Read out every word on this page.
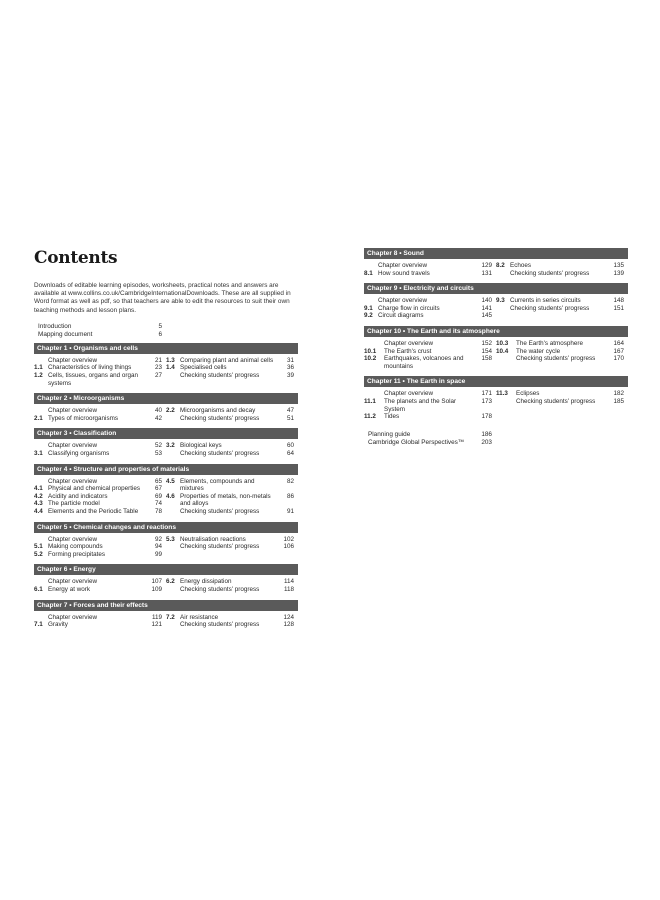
Contents

Downloads of editable learning episodes, worksheets, practical notes and answers are available at www.collins.co.uk/CambridgeInternationalDownloads. These are all supplied in Word format as well as pdf, so that teachers are able to edit the resources to suit their own teaching methods and lesson plans.

Introduction	5
Mapping document	6
Chapter 1 • Organisms and cells
Chapter overview	21
1.1 Characteristics of living things	23
1.2 Cells, tissues, organs and organ systems
27
1.3 Comparing plant and animal cells	31
1.4 Specialised cells	36
Checking students' progress	39
Chapter 2 • Microorganisms
Chapter overview	40
2.1 Types of microorganisms	42
2.2 Microorganisms and decay	47
Checking students' progress	51
Chapter 3 • Classification
Chapter overview	52
3.1 Classifying organisms	53
3.2 Biological keys	60
Checking students' progress	64
Chapter 4 • Structure and properties of materials
Chapter overview	65
4.1 Physical and chemical properties	67
4.2 Acidity and indicators	69
4.3 The particle model	74
4.4 Elements and the Periodic Table	78
4.5 Elements, compounds and mixtures
82
4.6 Properties of metals, non-metals and alloys
86
Checking students' progress	91
Chapter 5 • Chemical changes and reactions
Chapter overview	92
5.1 Making compounds	94
5.2 Forming precipitates	99
5.3 Neutralisation reactions	102
Checking students' progress	106
Chapter 6 • Energy
Chapter overview	107
6.1 Energy at work	109
6.2 Energy dissipation	114
Checking students' progress	118
Chapter 7 • Forces and their effects
Chapter overview	119
7.1 Gravity	121
7.2 Air resistance	124
Checking students' progress	128
Chapter 8 • Sound
Chapter overview	129
8.1 How sound travels	131
8.2 Echoes	135
Checking students' progress	139
Chapter 9 • Electricity and circuits
Chapter overview	140
9.1 Charge flow in circuits	141
9.2 Circuit diagrams	145
9.3 Currents in series circuits	148
Checking students' progress	151
Chapter 10 • The Earth and its atmosphere
Chapter overview	152
10.1	The Earth's crust	154
10.2	Earthquakes, volcanoes and mountains
158
10.3	The Earth's atmosphere	164
10.4	The water cycle	167
Checking students' progress	170
Chapter 11 • The Earth in space
Chapter overview	171
11.1	The planets and the Solar System
173
11.2	Tides	178
11.3	Eclipses	182
Checking students' progress	185
Planning guide	186
Cambridge Global Perspectives™	203
